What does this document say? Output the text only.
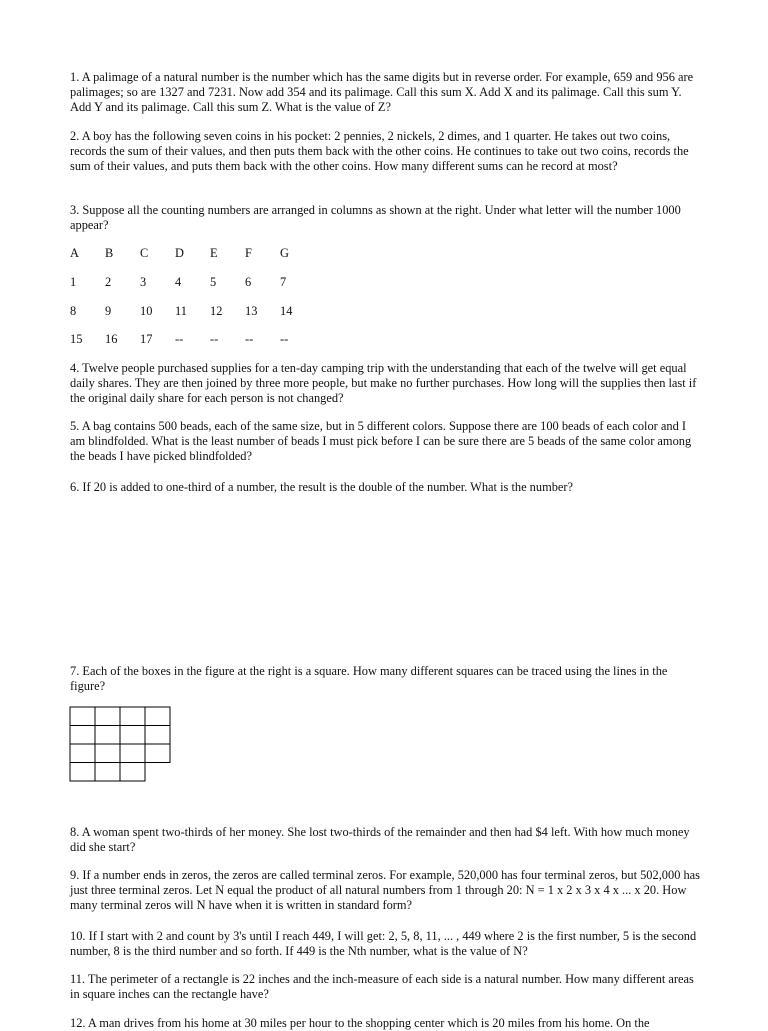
1. A palimage of a natural number is the number which has the same digits but in reverse order. For example, 659 and 956 are palimages; so are 1327 and 7231. Now add 354 and its palimage. Call this sum X. Add X and its palimage. Call this sum Y. Add Y and its palimage. Call this sum Z. What is the value of Z?

2. A boy has the following seven coins in his pocket: 2 pennies, 2 nickels, 2 dimes, and 1 quarter. He takes out two coins, records the sum of their values, and then puts them back with the other coins. He continues to take out two coins, records the sum of their values, and puts them back with the other coins. How many different sums can he record at most?

3. Suppose all the counting numbers are arranged in columns as shown at the right. Under what letter will the number 1000 appear?

A B C D E F G
1 2 3 4 5 6 7
8 9 10 11 12 13 14
15 16 17 -- -- -- --

4. Twelve people purchased supplies for a ten-day camping trip with the understanding that each of the twelve will get equal daily shares. They are then joined by three more people, but make no further purchases. How long will the supplies then last if the original daily share for each person is not changed?

5. A bag contains 500 beads, each of the same size, but in 5 different colors. Suppose there are 100 beads of each color and I am blindfolded. What is the least number of beads I must pick before I can be sure there are 5 beads of the same color among the beads I have picked blindfolded?

6. If 20 is added to one-third of a number, the result is the double of the number. What is the number?

7. Each of the boxes in the figure at the right is a square. How many different squares can be traced using the lines in the figure?

8. A woman spent two-thirds of her money. She lost two-thirds of the remainder and then had $4 left. With how much money did she start?

9. If a number ends in zeros, the zeros are called terminal zeros. For example, 520,000 has four terminal zeros, but 502,000 has just three terminal zeros. Let N equal the product of all natural numbers from 1 through 20: N = 1 x 2 x 3 x 4 x ... x 20. How many terminal zeros will N have when it is written in standard form?

10. If I start with 2 and count by 3's until I reach 449, I will get: 2, 5, 8, 11, ... , 449 where 2 is the first number, 5 is the second number, 8 is the third number and so forth. If 449 is the Nth number, what is the value of N?

11. The perimeter of a rectangle is 22 inches and the inch-measure of each side is a natural number. How many different areas in square inches can the rectangle have?

12. A man drives from his home at 30 miles per hour to the shopping center which is 20 miles from his home. On the
